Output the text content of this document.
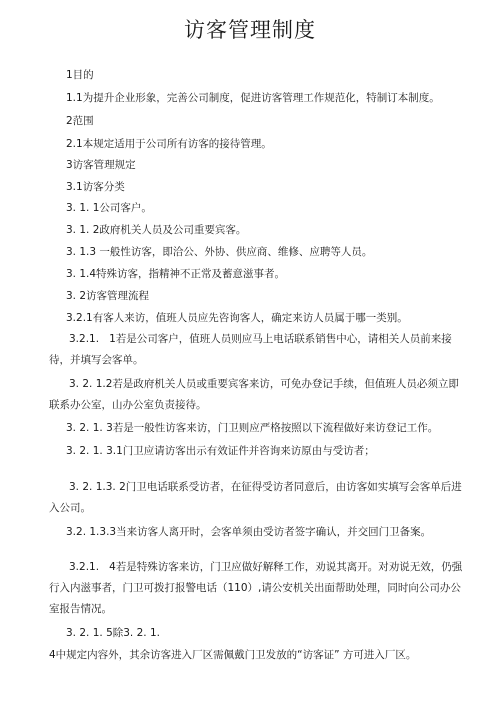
访客管理制度

1目的

1.1为提升企业形象，完善公司制度，促进访客管理工作规范化，特制订本制度。

2范围

2.1本规定适用于公司所有访客的接待管理。

3访客管理规定

3.1访客分类

3. 1. 1公司客户。

3. 1. 2政府机关人员及公司重要宾客。

3. 1.3 一般性访客，即洽公、外协、供应商、维修、应聘等人员。

3. 1.4特殊访客，指精神不正常及蓄意滋事者。

3. 2访客管理流程

3.2.1有客人来访，值班人员应先咨询客人，确定来访人员属于哪一类别。

3.2.1.   1若是公司客户，值班人员则应马上电话联系销售中心，请相关人员前来接待，并填写会客单。

3. 2. 1.2若是政府机关人员或重要宾客来访，可免办登记手续，但值班人员必须立即联系办公室，山办公室负责接待。

3. 2. 1. 3若是一般性访客来访，门卫则应严格按照以下流程做好来访登记工作。

3. 2. 1. 3.1门卫应请访客出示有效证件并咨询来访原由与受访者；

3. 2. 1.3. 2门卫电话联系受访者，在征得受访者同意后，由访客如实填写会客单后进入公司。

3.2. 1.3.3当来访客人离开时，会客单须由受访者签字确认，并交回门卫备案。

3.2.1.   4若是特殊访客来访，门卫应做好解释工作，劝说其离开。对劝说无效，仍强行入内滋事者，门卫可拨打报警电话（110）,请公安机关出面帮助处理，同时向公司办公室报告情况。

3. 2. 1. 5除3. 2. 1.

4中规定内容外，其余访客进入厂区需佩戴门卫发放的“访客证” 方可进入厂区。
